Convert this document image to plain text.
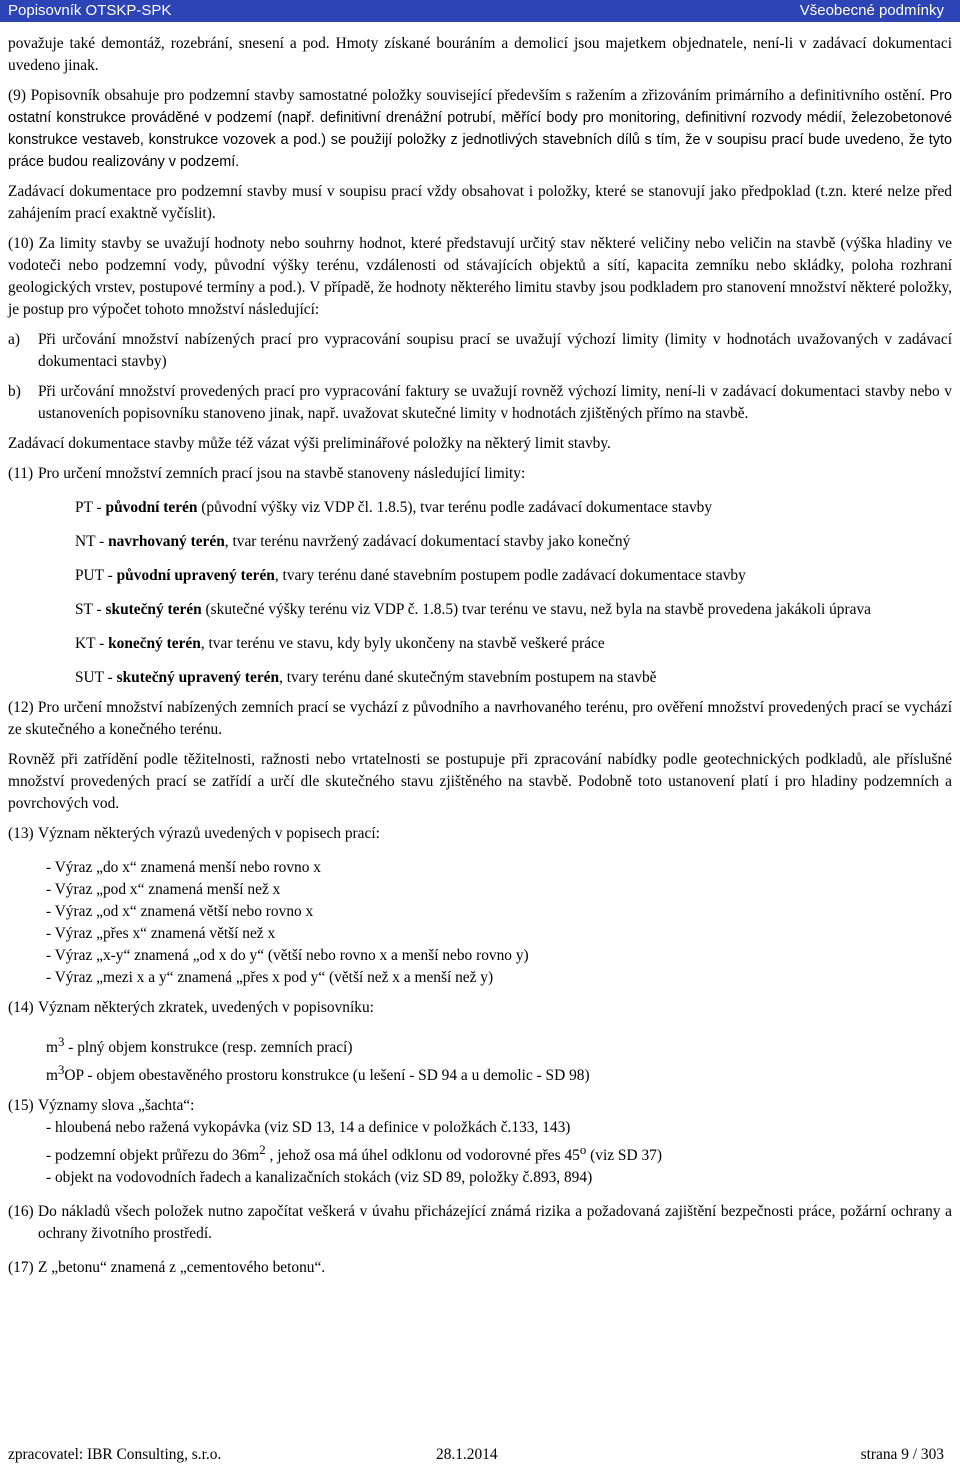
Popisovník OTSKP-SPK	Všeobecné podmínky

považuje také demontáž, rozebrání, snesení a pod. Hmoty získané bouráním a demolicí jsou majetkem objednatele, není-li v zadávací dokumentaci uvedeno jinak.

(9) Popisovník obsahuje pro podzemní stavby samostatné položky související především s ražením a zřizováním primárního a definitivního ostění. Pro ostatní konstrukce prováděné v podzemí (např. definitivní drenážní potrubí, měřící body pro monitoring, definitivní rozvody médií, železobetonové konstrukce vestaveb, konstrukce vozovek a pod.) se použijí položky z jednotlivých stavebních dílů s tím, že v soupisu prací bude uvedeno, že tyto práce budou realizovány v podzemí.

Zadávací dokumentace pro podzemní stavby musí v soupisu prací vždy obsahovat i položky, které se stanovují jako předpoklad (t.zn. které nelze před zahájením prací exaktně vyčíslit).

(10) Za limity stavby se uvažují hodnoty nebo souhrny hodnot, které představují určitý stav některé veličiny nebo veličin na stavbě (výška hladiny ve vodoteči nebo podzemní vody, původní výšky terénu, vzdálenosti od stávajících objektů a sítí, kapacita zemníku nebo skládky, poloha rozhraní geologických vrstev, postupové termíny a pod.). V případě, že hodnoty některého limitu stavby jsou podkladem pro stanovení množství některé položky, je postup pro výpočet tohoto množství následující:

a)	Při určování množství nabízených prací pro vypracování soupisu prací se uvažují výchozí limity (limity v hodnotách uvažovaných v zadávací dokumentaci stavby)
b)	Při určování množství provedených prací pro vypracování faktury se uvažují rovněž výchozí limity, není-li v zadávací dokumentaci stavby nebo v ustanoveních popisovníku stanoveno jinak, např. uvažovat skutečné limity v hodnotách zjištěných přímo na stavbě.

Zadávací dokumentace stavby může též vázat výši preliminářové položky na některý limit stavby.

(11) Pro určení množství zemních prací jsou na stavbě stanoveny následující limity:

PT - původní terén (původní výšky viz VDP čl. 1.8.5), tvar terénu podle zadávací dokumentace stavby

NT - navrhovaný terén, tvar terénu navržený zadávací dokumentací stavby jako konečný

PUT - původní upravený terén, tvary terénu dané stavebním postupem podle zadávací dokumentace stavby

ST - skutečný terén (skutečné výšky terénu viz VDP č. 1.8.5) tvar terénu ve stavu, než byla na stavbě provedena jakákoli úprava

KT - konečný terén, tvar terénu ve stavu, kdy byly ukončeny na stavbě veškeré práce

SUT - skutečný upravený terén, tvary terénu dané skutečným stavebním postupem na stavbě

(12) Pro určení množství nabízených zemních prací se vychází z původního a navrhovaného terénu, pro ověření množství provedených prací se vychází ze skutečného a konečného terénu.

Rovněž při zatřídění podle těžitelnosti, ražnosti nebo vrtatelnosti se postupuje při zpracování nabídky podle geotechnických podkladů, ale příslušné množství provedených prací se zatřídí a určí dle skutečného stavu zjištěného na stavbě. Podobně toto ustanovení platí i pro hladiny podzemních a povrchových vod.

(13) Význam některých výrazů uvedených v popisech prací:

- Výraz „do x“ znamená menší nebo rovno x

- Výraz „pod x“ znamená menší než x

- Výraz „od x“ znamená větší nebo rovno x

- Výraz „přes x“ znamená větší než x

- Výraz „x-y“ znamená „od x do y“ (větší nebo rovno x a menší nebo rovno y)

- Výraz „mezi x a y“ znamená „přes x pod y“ (větší než x a menší než y)

(14) Význam některých zkratek, uvedených v popisovníku:

$m^3$ - plný objem konstrukce (resp. zemních prací)

$m^3OP$ - objem obestavěného prostoru konstrukce (u lešení - SD 94 a u demolic - SD 98)

(15) Významy slova „šachta“:

- hloubená nebo ražená vykopávka (viz SD 13, 14 a definice v položkách č.133, 143)

- podzemní objekt průřezu do $36m^2$ , jehož osa má úhel odklonu od vodorovné přes 45$^o$ (viz SD 37)

- objekt na vodovodních řadech a kanalizačních stokách (viz SD 89, položky č.893, 894)

(16) Do nákladů všech položek nutno započítat veškerá v úvahu přicházející známá rizika a požadovaná zajištění bezpečnosti práce, požární ochrany a ochrany životního prostředí.
(17) Z „betonu“ znamená z „cementového betonu“.
zpracovatel: IBR Consulting, s.r.o.	28.1.2014	strana 9 / 303
